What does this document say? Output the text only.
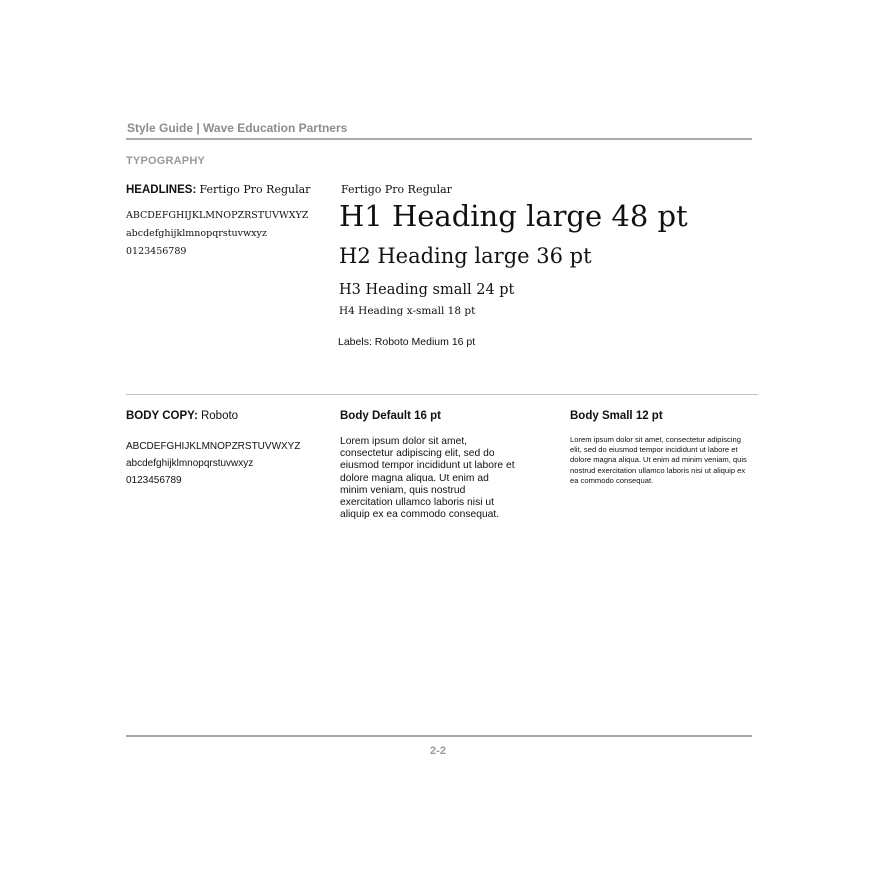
Style Guide | Wave Education Partners
TYPOGRAPHY
HEADLINES: Fertigo Pro Regular
ABCDEFGHIJKLMNOPZRSTUVWXYZ
abcdefghijklmnopqrstuvwxyz
0123456789
Fertigo Pro Regular
H1 Heading large 48 pt
H2 Heading large 36 pt
H3 Heading small 24 pt
H4 Heading x-small 18 pt
Labels: Roboto Medium 16 pt
BODY COPY: Roboto
ABCDEFGHIJKLMNOPZRSTUVWXYZ
abcdefghijklmnopqrstuvwxyz
0123456789
Body Default 16 pt
Lorem ipsum dolor sit amet, consectetur adipiscing elit, sed do eiusmod tempor incididunt ut labore et dolore magna aliqua. Ut enim ad minim veniam, quis nostrud exercitation ullamco laboris nisi ut aliquip ex ea commodo consequat.
Body Small 12 pt
Lorem ipsum dolor sit amet, consectetur adipiscing elit, sed do eiusmod tempor incididunt ut labore et dolore magna aliqua. Ut enim ad minim veniam, quis nostrud exercitation ullamco laboris nisi ut aliquip ex ea commodo consequat.
2-2
